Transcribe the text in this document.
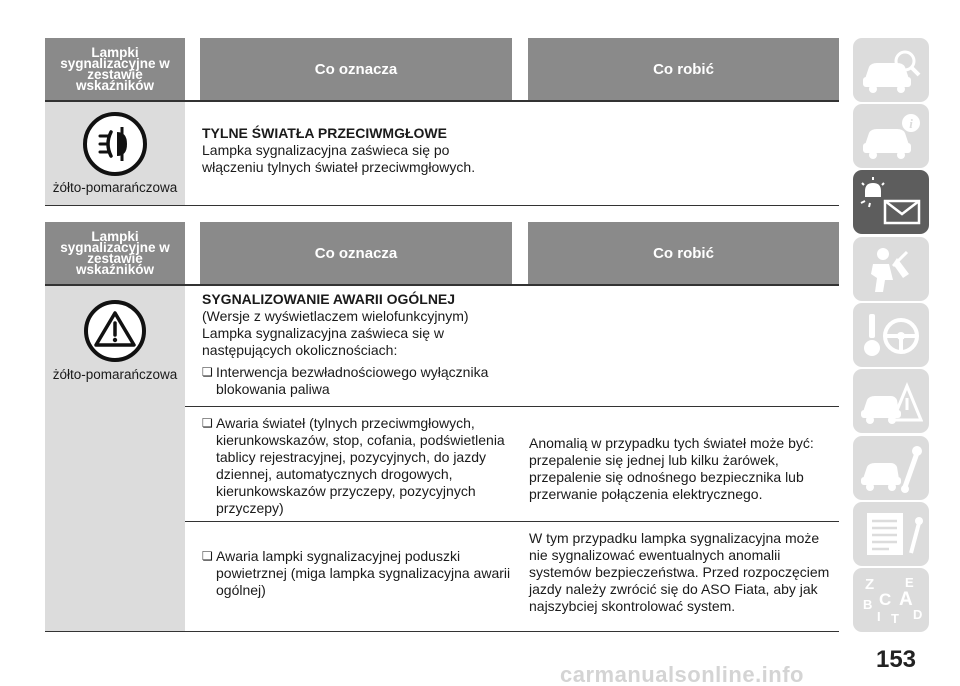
Lampki sygnalizacyjne w zestawie wskaźników
Co oznacza	Co robić
żółto-pomarańczowa
TYLNE ŚWIATŁA PRZECIWMGŁOWE
Lampka sygnalizacyjna zaświeca się po włączeniu tylnych świateł przeciwmgłowych.
Lampki sygnalizacyjne w zestawie wskaźników
Co oznacza	Co robić
żółto-pomarańczowa
SYGNALIZOWANIE AWARII OGÓLNEJ
(Wersje z wyświetlaczem wielofunkcyjnym)
Lampka sygnalizacyjna zaświeca się w następujących okolicznościach:
❏ Interwencja bezwładnościowego wyłącznika blokowania paliwa
❏ Awaria świateł (tylnych przeciwmgłowych, kierunkowskazów, stop, cofania, podświetlenia tablicy rejestracyjnej, pozycyjnych, do jazdy dziennej, automatycznych drogowych, kierunkowskazów przyczepy, pozycyjnych przyczepy)
Anomalią w przypadku tych świateł może być: przepalenie się jednej lub kilku żarówek, przepalenie się odnośnego bezpiecznika lub przerwanie połączenia elektrycznego.
❏ Awaria lampki sygnalizacyjnej poduszki powietrznej (miga lampka sygnalizacyjna awarii ogólnej)
W tym przypadku lampka sygnalizacyjna może nie sygnalizować ewentualnych anomalii systemów bezpieczeństwa. Przed rozpoczęciem jazdy należy zwrócić się do ASO Fiata, aby jak najszybciej skontrolować system.
i
Z E
B A
I
C
T D
153
carmanualsonline.info
